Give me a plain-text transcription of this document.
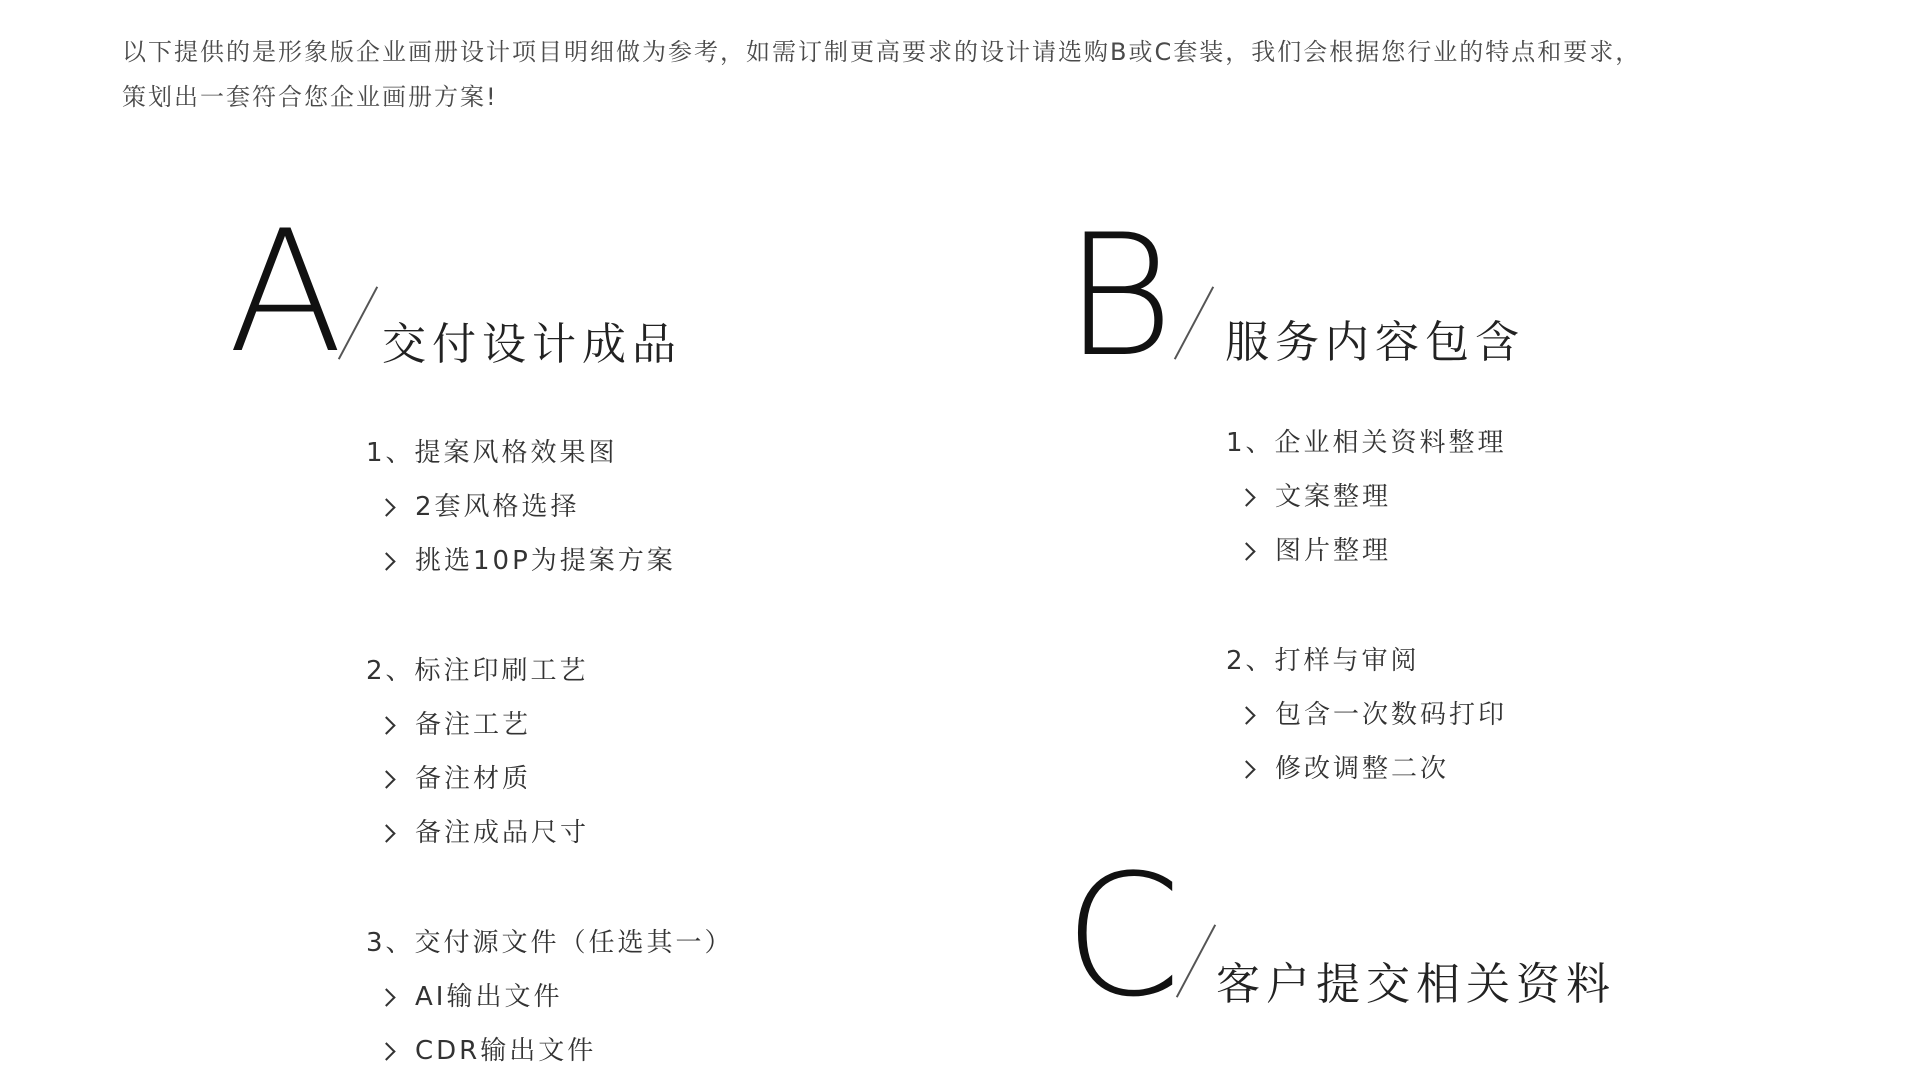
以下提供的是形象版企业画册设计项目明细做为参考，如需订制更高要求的设计请选购B或C套装，我们会根据您行业的特点和要求，

策划出一套符合您企业画册方案!

A 交付设计成品
1、提案风格效果图
2套风格选择
挑选10P为提案方案
2、标注印刷工艺
备注工艺
备注材质
备注成品尺寸
3、交付源文件（任选其一）
AI输出文件
CDR输出文件
B 服务内容包含
1、企业相关资料整理
文案整理
图片整理
2、打样与审阅
包含一次数码打印
修改调整二次
C 客户提交相关资料
